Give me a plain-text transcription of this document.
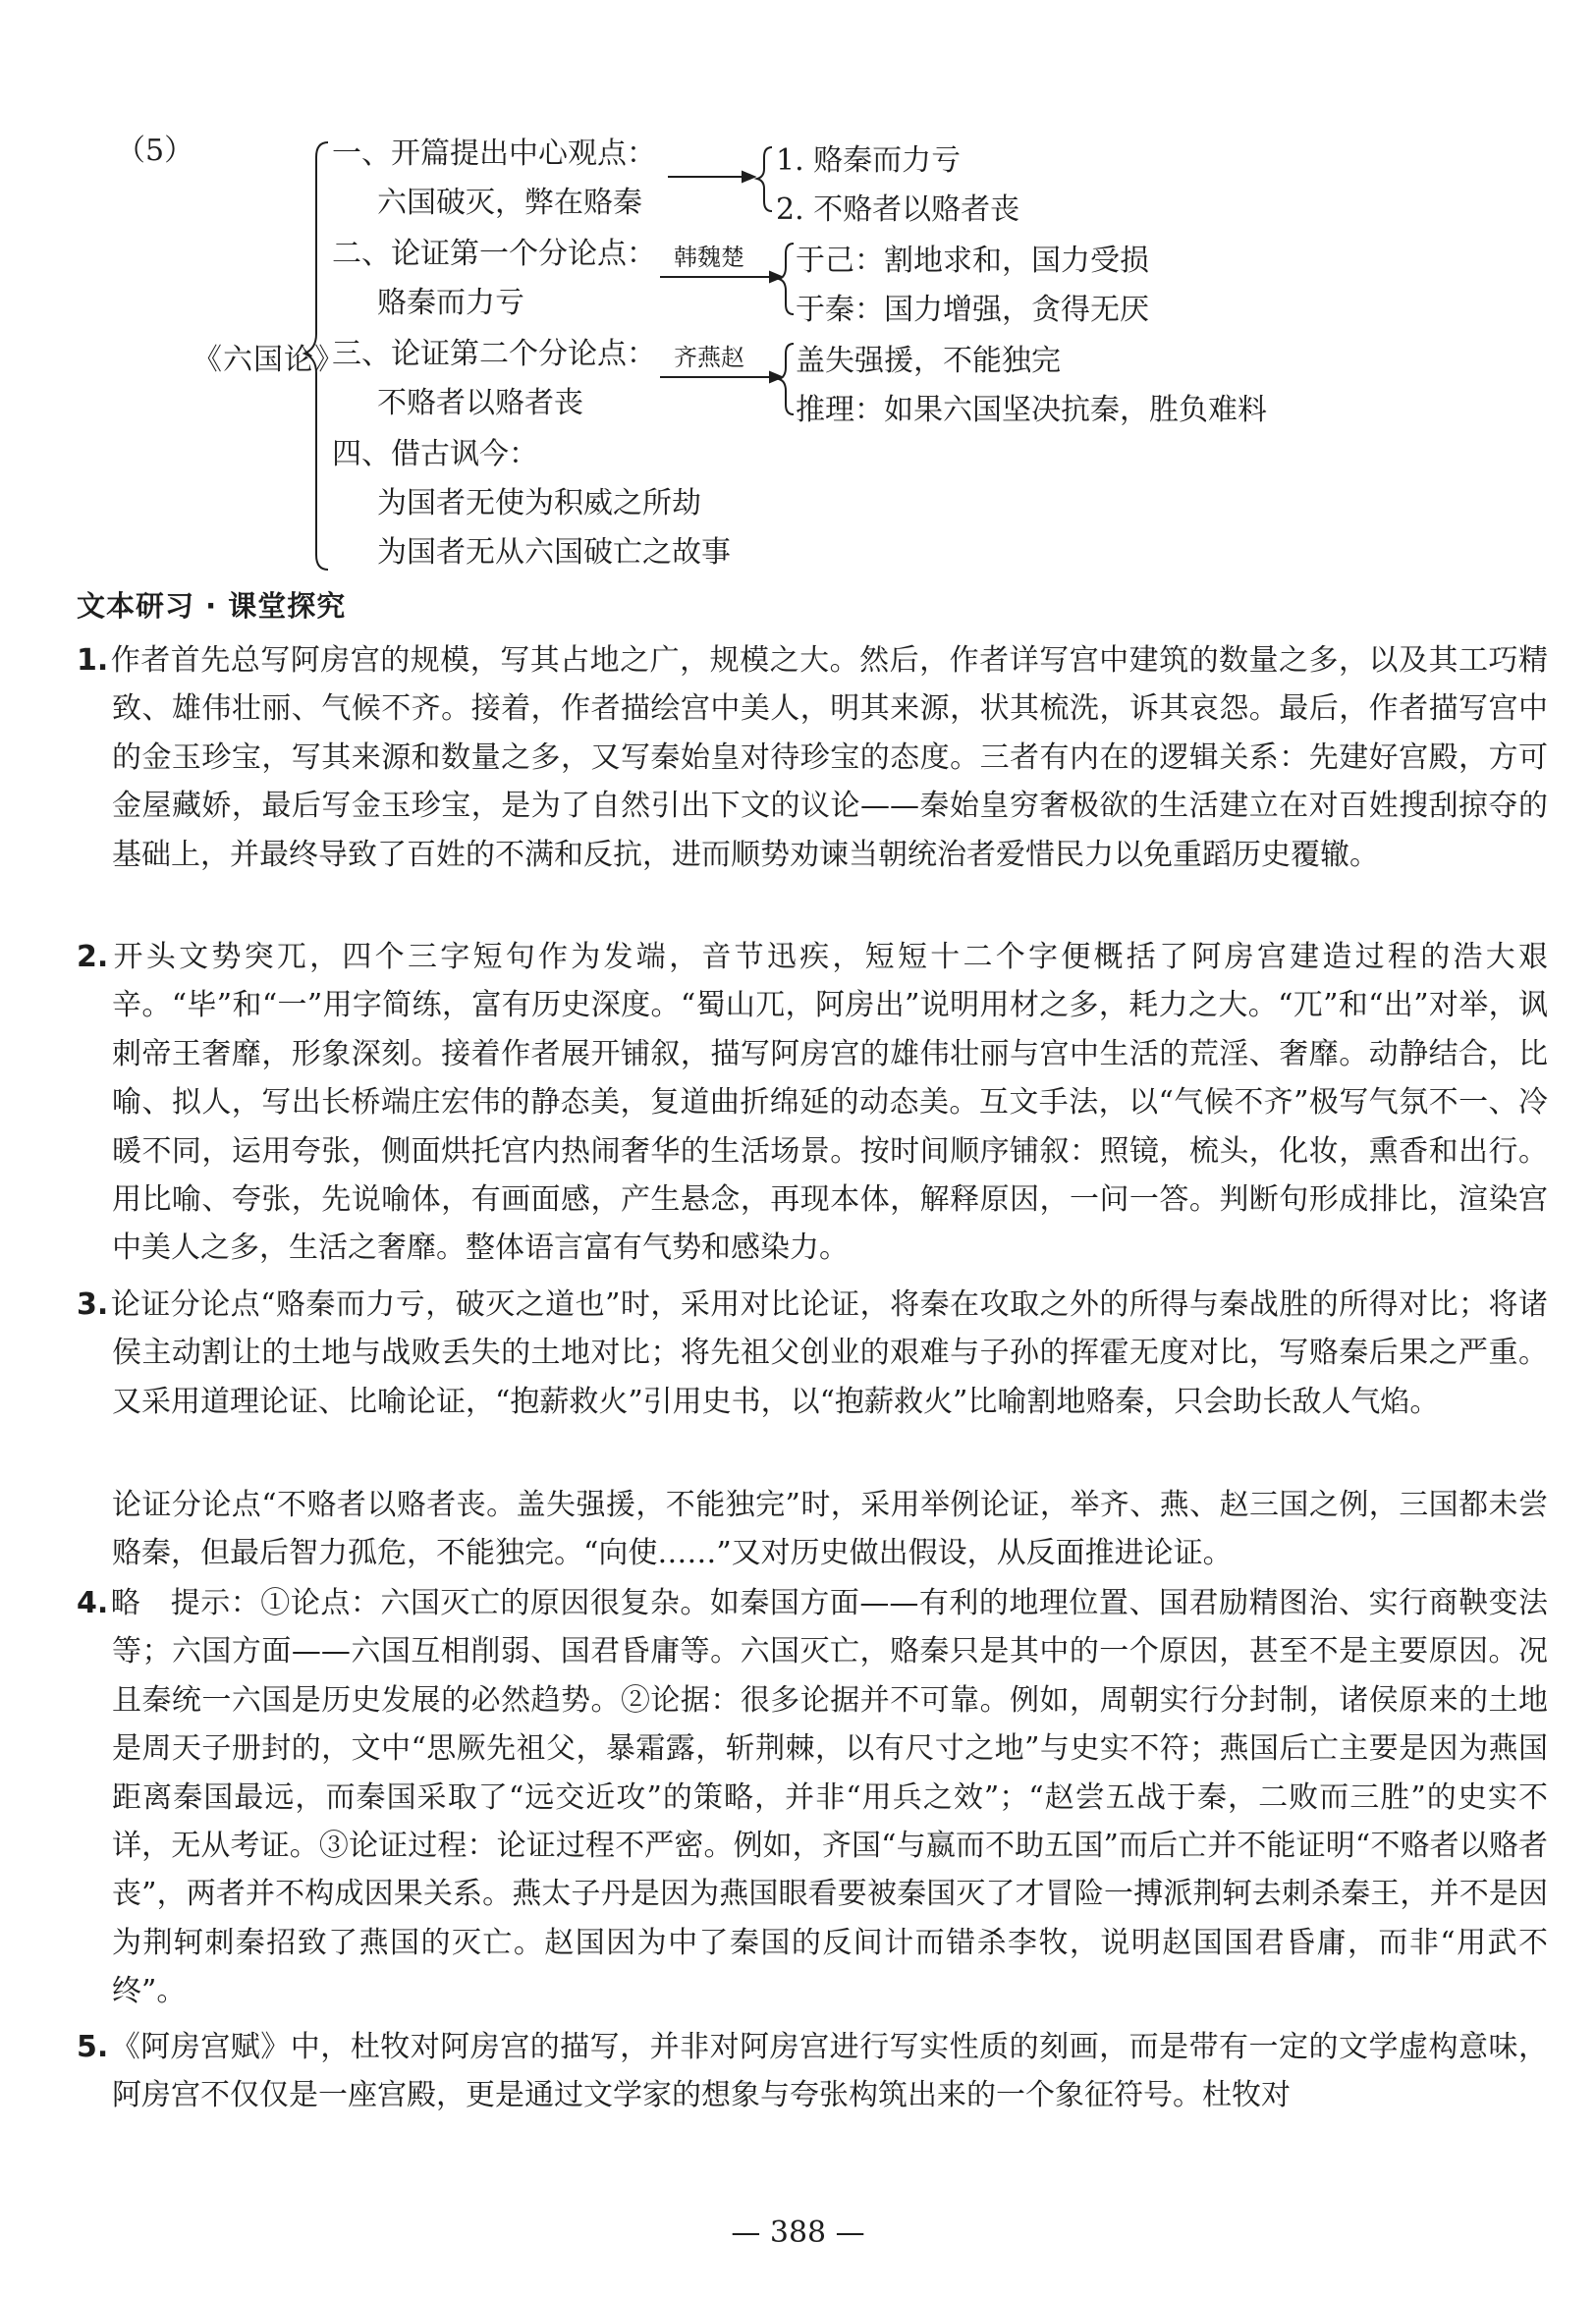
（5）
《六国论》
一、开篇提出中心观点：
六国破灭，弊在赂秦
二、论证第一个分论点：
赂秦而力亏
三、论证第二个分论点：
不赂者以赂者丧
四、借古讽今：
为国者无使为积威之所劫
为国者无从六国破亡之故事
韩魏楚
齐燕赵
1. 赂秦而力亏
2. 不赂者以赂者丧
于己：割地求和，国力受损
于秦：国力增强，贪得无厌
盖失强援，不能独完
推理：如果六国坚决抗秦，胜负难料
文本研习 · 课堂探究
1.作者首先总写阿房宫的规模，写其占地之广，规模之大。然后，作者详写宫中建筑的数量之多，以及其工巧精致、雄伟壮丽、气候不齐。接着，作者描绘宫中美人，明其来源，状其梳洗，诉其哀怨。最后，作者描写宫中的金玉珍宝，写其来源和数量之多，又写秦始皇对待珍宝的态度。三者有内在的逻辑关系：先建好宫殿，方可金屋藏娇，最后写金玉珍宝，是为了自然引出下文的议论——秦始皇穷奢极欲的生活建立在对百姓搜刮掠夺的基础上，并最终导致了百姓的不满和反抗，进而顺势劝谏当朝统治者爱惜民力以免重蹈历史覆辙。
2.开头文势突兀，四个三字短句作为发端，音节迅疾，短短十二个字便概括了阿房宫建造过程的浩大艰辛。“毕”和“一”用字简练，富有历史深度。“蜀山兀，阿房出”说明用材之多，耗力之大。“兀”和“出”对举，讽刺帝王奢靡，形象深刻。接着作者展开铺叙，描写阿房宫的雄伟壮丽与宫中生活的荒淫、奢靡。动静结合，比喻、拟人，写出长桥端庄宏伟的静态美，复道曲折绵延的动态美。互文手法，以“气候不齐”极写气氛不一、冷暖不同，运用夸张，侧面烘托宫内热闹奢华的生活场景。按时间顺序铺叙：照镜，梳头，化妆，熏香和出行。用比喻、夸张，先说喻体，有画面感，产生悬念，再现本体，解释原因，一问一答。判断句形成排比，渲染宫中美人之多，生活之奢靡。整体语言富有气势和感染力。
3.论证分论点“赂秦而力亏，破灭之道也”时，采用对比论证，将秦在攻取之外的所得与秦战胜的所得对比；将诸侯主动割让的土地与战败丢失的土地对比；将先祖父创业的艰难与子孙的挥霍无度对比，写赂秦后果之严重。又采用道理论证、比喻论证，“抱薪救火”引用史书，以“抱薪救火”比喻割地赂秦，只会助长敌人气焰。
论证分论点“不赂者以赂者丧。盖失强援，不能独完”时，采用举例论证，举齐、燕、赵三国之例，三国都未尝赂秦，但最后智力孤危，不能独完。“向使……”又对历史做出假设，从反面推进论证。
4.略　提示：①论点：六国灭亡的原因很复杂。如秦国方面——有利的地理位置、国君励精图治、实行商鞅变法等；六国方面——六国互相削弱、国君昏庸等。六国灭亡，赂秦只是其中的一个原因，甚至不是主要原因。况且秦统一六国是历史发展的必然趋势。②论据：很多论据并不可靠。例如，周朝实行分封制，诸侯原来的土地是周天子册封的，文中“思厥先祖父，暴霜露，斩荆棘，以有尺寸之地”与史实不符；燕国后亡主要是因为燕国距离秦国最远，而秦国采取了“远交近攻”的策略，并非“用兵之效”；“赵尝五战于秦，二败而三胜”的史实不详，无从考证。③论证过程：论证过程不严密。例如，齐国“与嬴而不助五国”而后亡并不能证明“不赂者以赂者丧”，两者并不构成因果关系。燕太子丹是因为燕国眼看要被秦国灭了才冒险一搏派荆轲去刺杀秦王，并不是因为荆轲刺秦招致了燕国的灭亡。赵国因为中了秦国的反间计而错杀李牧，说明赵国国君昏庸，而非“用武不终”。
5.《阿房宫赋》中，杜牧对阿房宫的描写，并非对阿房宫进行写实性质的刻画，而是带有一定的文学虚构意味，阿房宫不仅仅是一座宫殿，更是通过文学家的想象与夸张构筑出来的一个象征符号。杜牧对
— 388 —
